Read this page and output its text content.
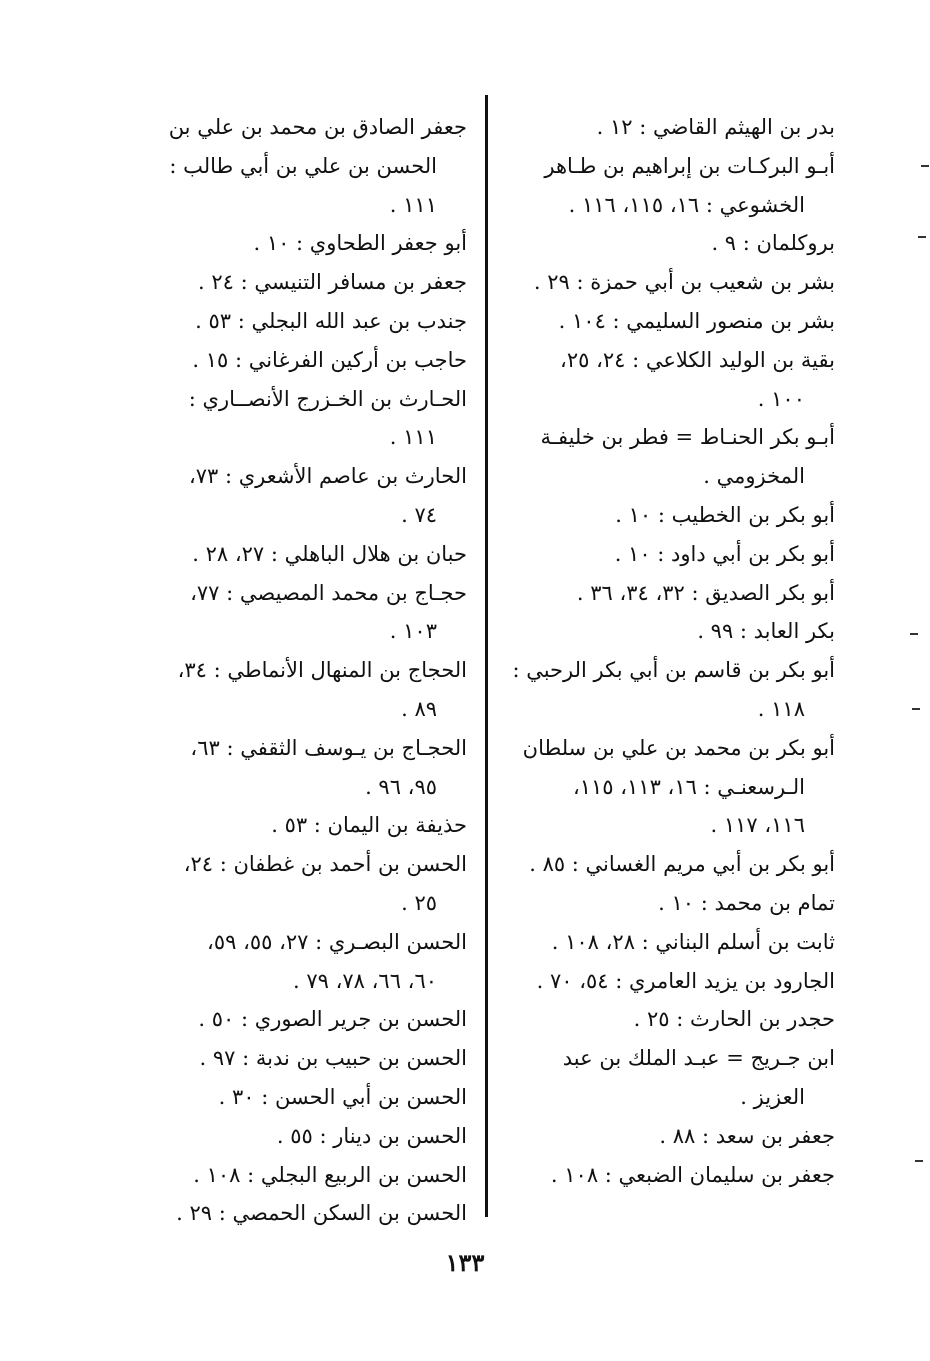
بدر بن الهيثم القاضي : ١٢ .
أبـو البركـات بن إبراهيم بن طـاهر
الخشوعي : ١٦، ١١٥، ١١٦ .
بروكلمان : ٩ .
بشر بن شعيب بن أبي حمزة : ٢٩ .
بشر بن منصور السليمي : ١٠٤ .
بقية بن الوليد الكلاعي : ٢٤، ٢٥،
١٠٠ .
أبـو بكر الحنـاط = فطر بن خليفـة
المخزومي .
أبو بكر بن الخطيب : ١٠ .
أبو بكر بن أبي داود : ١٠ .
أبو بكر الصديق : ٣٢، ٣٤، ٣٦ .
بكر العابد : ٩٩ .
أبو بكر بن قاسم بن أبي بكر الرحبي :
١١٨ .
أبو بكر بن محمد بن علي بن سلطان
الـرسعنـي : ١٦، ١١٣، ١١٥،
١١٦، ١١٧ .
أبو بكر بن أبي مريم الغساني : ٨٥ .
تمام بن محمد : ١٠ .
ثابت بن أسلم البناني : ٢٨، ١٠٨ .
الجارود بن يزيد العامري : ٥٤، ٧٠ .
حجدر بن الحارث : ٢٥ .
ابن جـريج = عبـد الملك بن عبد
العزيز .
جعفر بن سعد : ٨٨ .
جعفر بن سليمان الضبعي : ١٠٨ .
جعفر الصادق بن محمد بن علي بن
الحسن بن علي بن أبي طالب :
١١١ .
أبو جعفر الطحاوي : ١٠ .
جعفر بن مسافر التنيسي : ٢٤ .
جندب بن عبد الله البجلي : ٥٣ .
حاجب بن أركين الفرغاني : ١٥ .
الحـارث بن الخـزرج الأنصــاري :
١١١ .
الحارث بن عاصم الأشعري : ٧٣،
٧٤ .
حبان بن هلال الباهلي : ٢٧، ٢٨ .
حجـاج بن محمد المصيصي : ٧٧،
١٠٣ .
الحجاج بن المنهال الأنماطي : ٣٤،
٨٩ .
الحجـاج بن يـوسف الثقفي : ٦٣،
٩٥، ٩٦ .
حذيفة بن اليمان : ٥٣ .
الحسن بن أحمد بن غطفان : ٢٤،
٢٥ .
الحسن البصـري : ٢٧، ٥٥، ٥٩،
٦٠، ٦٦، ٧٨، ٧٩ .
الحسن بن جرير الصوري : ٥٠ .
الحسن بن حبيب بن ندبة : ٩٧ .
الحسن بن أبي الحسن : ٣٠ .
الحسن بن دينار : ٥٥ .
الحسن بن الربيع البجلي : ١٠٨ .
الحسن بن السكن الحمصي : ٢٩ .
١٣٣
